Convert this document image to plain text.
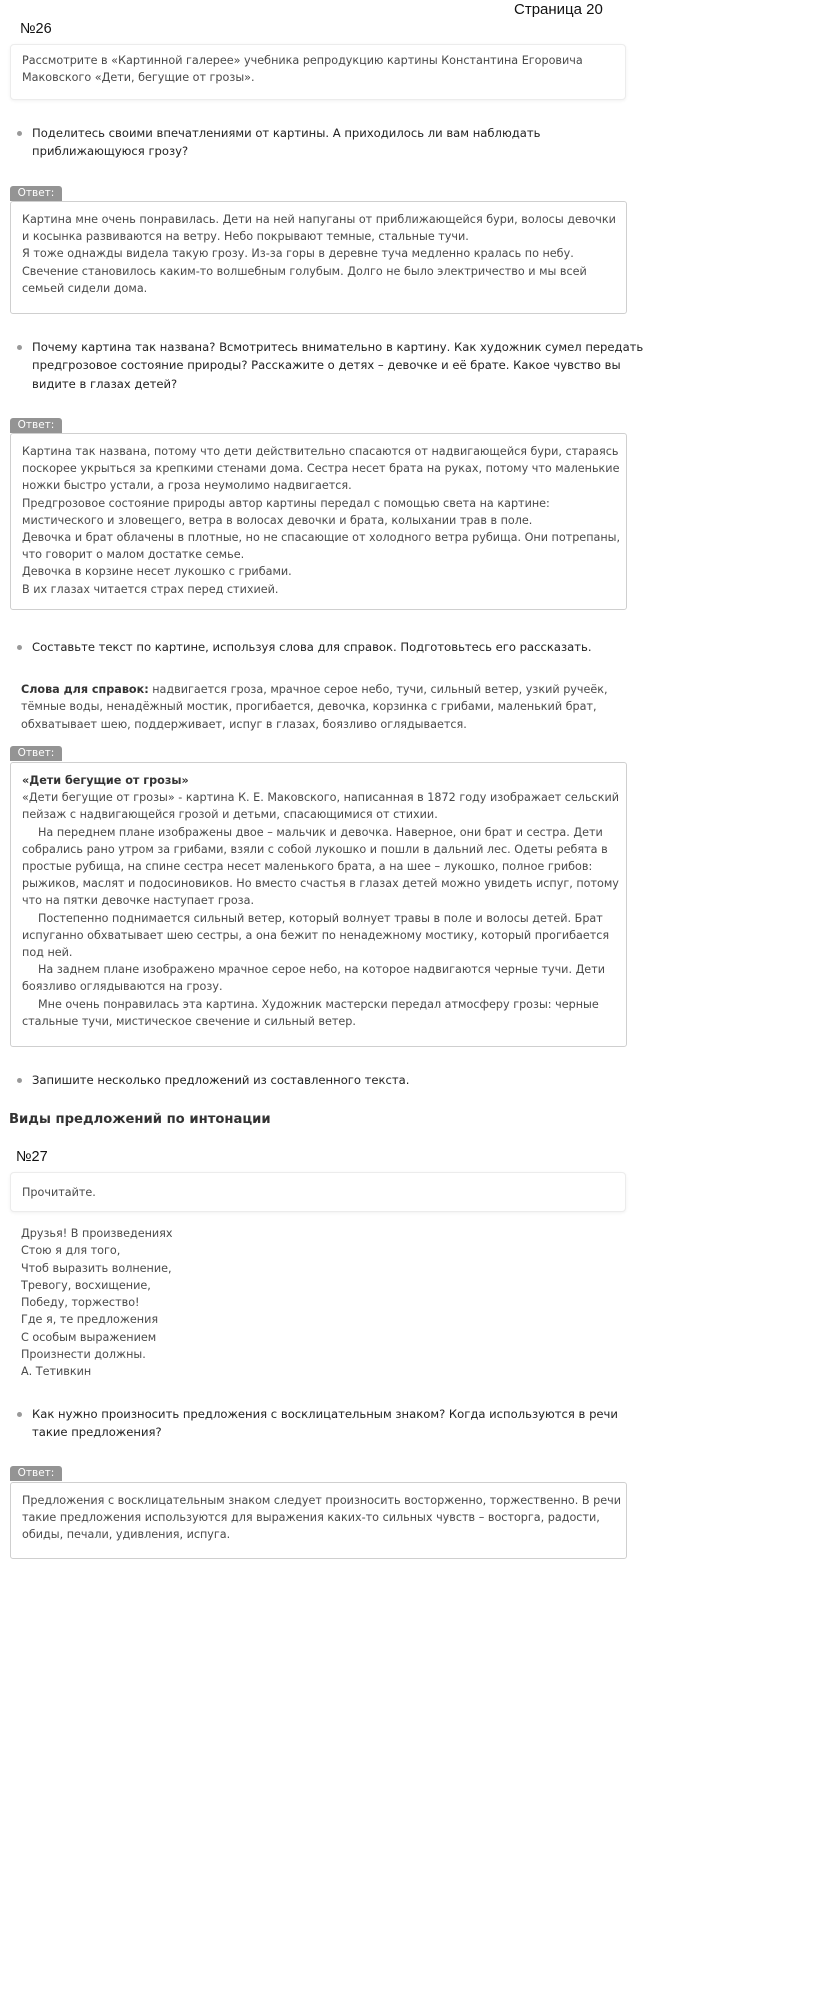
Страница 20
№26
Рассмотрите в «Картинной галерее» учебника репродукцию картины Константина Егоровича
Маковского «Дети, бегущие от грозы».
Поделитесь своими впечатлениями от картины. А приходилось ли вам наблюдать
приближающуюся грозу?
Ответ:
Картина мне очень понравилась. Дети на ней напуганы от приближающейся бури, волосы девочки
и косынка развиваются на ветру. Небо покрывают темные, стальные тучи.
Я тоже однажды видела такую грозу. Из-за горы в деревне туча медленно кралась по небу.
Свечение становилось каким-то волшебным голубым. Долго не было электричество и мы всей
семьей сидели дома.
Почему картина так названа? Всмотритесь внимательно в картину. Как художник сумел передать
предгрозовое состояние природы? Расскажите о детях – девочке и её брате. Какое чувство вы
видите в глазах детей?
Ответ:
Картина так названа, потому что дети действительно спасаются от надвигающейся бури, стараясь
поскорее укрыться за крепкими стенами дома. Сестра несет брата на руках, потому что маленькие
ножки быстро устали, а гроза неумолимо надвигается.
Предгрозовое состояние природы автор картины передал с помощью света на картине:
мистического и зловещего, ветра в волосах девочки и брата, колыхании трав в поле.
Девочка и брат облачены в плотные, но не спасающие от холодного ветра рубища. Они потрепаны,
что говорит о малом достатке семье.
Девочка в корзине несет лукошко с грибами.
В их глазах читается страх перед стихией.
Составьте текст по картине, используя слова для справок. Подготовьтесь его рассказать.
Слова для справок: надвигается гроза, мрачное серое небо, тучи, сильный ветер, узкий ручеёк,
тёмные воды, ненадёжный мостик, прогибается, девочка, корзинка с грибами, маленький брат,
обхватывает шею, поддерживает, испуг в глазах, боязливо оглядывается.
Ответ:
«Дети бегущие от грозы»
«Дети бегущие от грозы» - картина К. Е. Маковского, написанная в 1872 году изображает сельский
пейзаж с надвигающейся грозой и детьми, спасающимися от стихии.
На переднем плане изображены двое – мальчик и девочка. Наверное, они брат и сестра. Дети
собрались рано утром за грибами, взяли с собой лукошко и пошли в дальний лес. Одеты ребята в
простые рубища, на спине сестра несет маленького брата, а на шее – лукошко, полное грибов:
рыжиков, маслят и подосиновиков. Но вместо счастья в глазах детей можно увидеть испуг, потому
что на пятки девочке наступает гроза.
Постепенно поднимается сильный ветер, который волнует травы в поле и волосы детей. Брат
испуганно обхватывает шею сестры, а она бежит по ненадежному мостику, который прогибается
под ней.
На заднем плане изображено мрачное серое небо, на которое надвигаются черные тучи. Дети
боязливо оглядываются на грозу.
Мне очень понравилась эта картина. Художник мастерски передал атмосферу грозы: черные
стальные тучи, мистическое свечение и сильный ветер.
Запишите несколько предложений из составленного текста.
Виды предложений по интонации
№27
Прочитайте.
Друзья! В произведениях
Стою я для того,
Чтоб выразить волнение,
Тревогу, восхищение,
Победу, торжество!
Где я, те предложения
С особым выражением
Произнести должны.
А. Тетивкин
Как нужно произносить предложения с восклицательным знаком? Когда используются в речи
такие предложения?
Ответ:
Предложения с восклицательным знаком следует произносить восторженно, торжественно. В речи
такие предложения используются для выражения каких-то сильных чувств – восторга, радости,
обиды, печали, удивления, испуга.
